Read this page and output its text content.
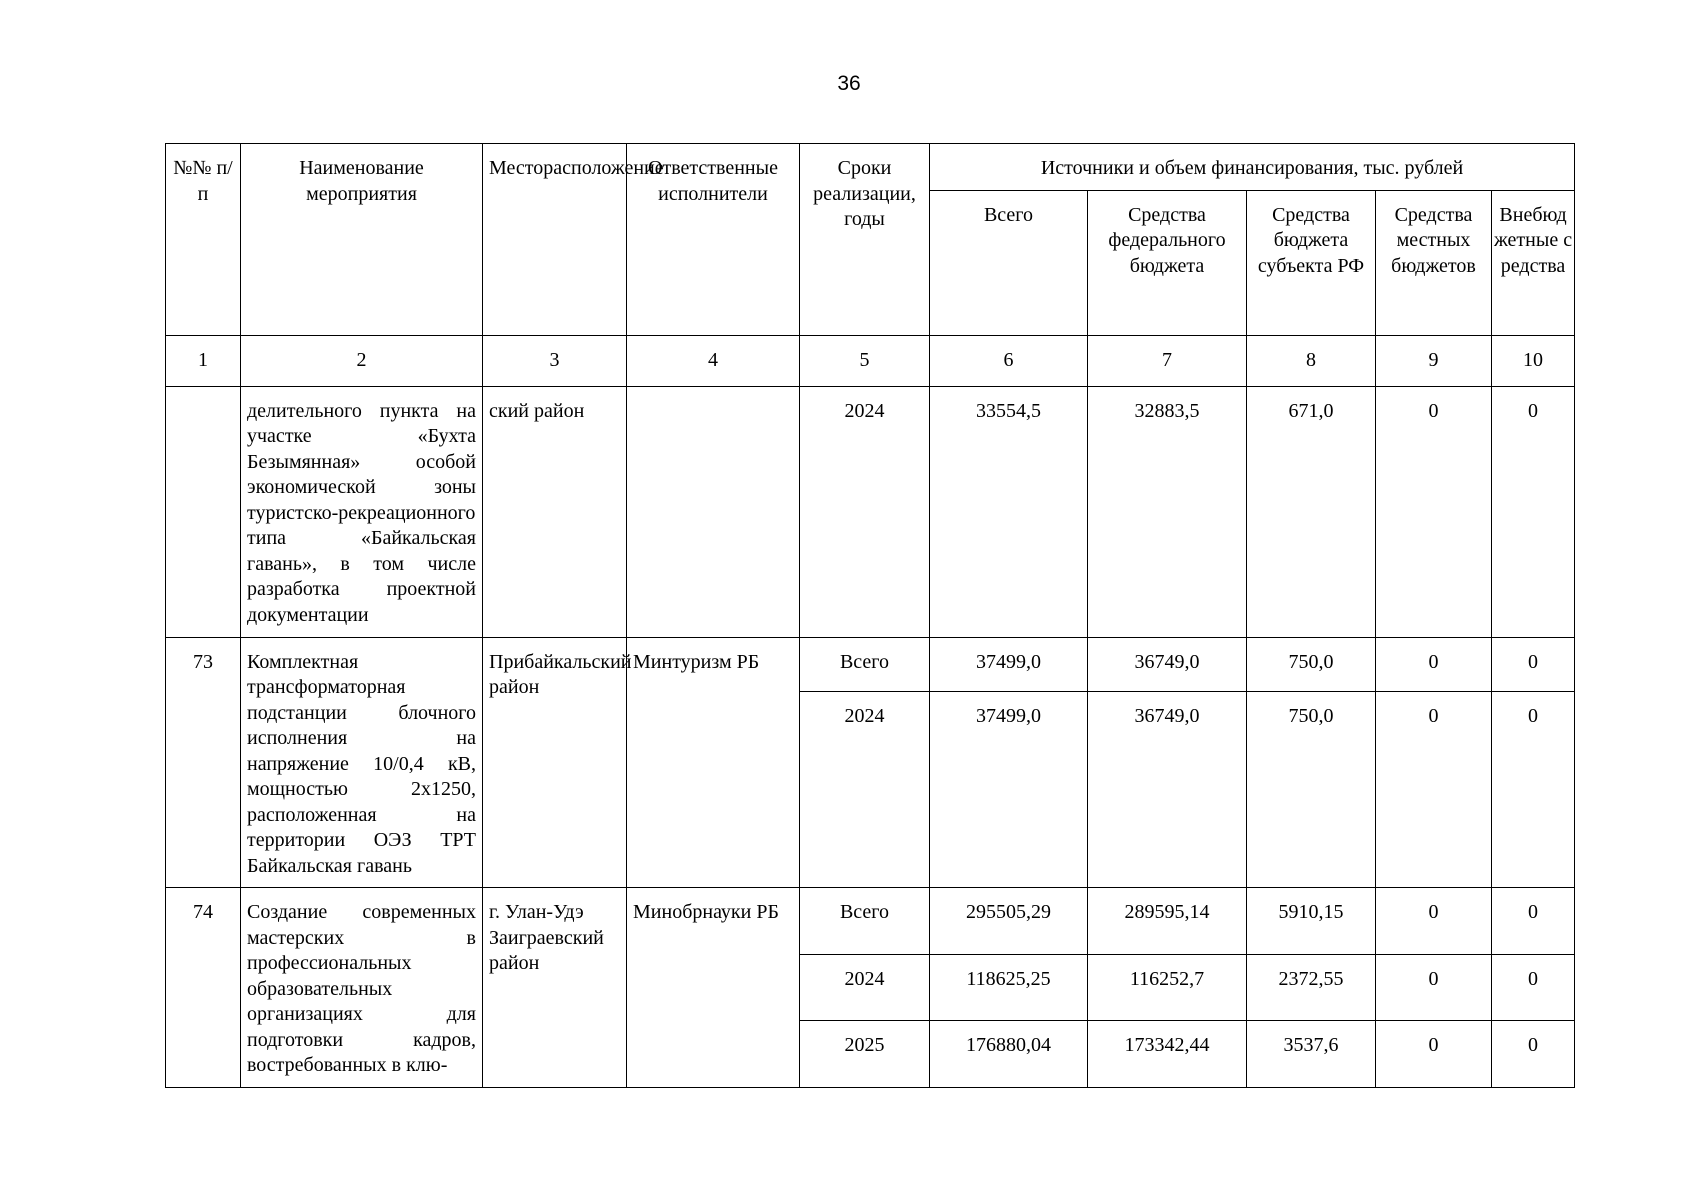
36
№№ п/п	Наименование мероприятия	Месторасположение	Ответственные исполнители	Сроки реализации, годы	Источники и объем финансирования, тыс. рублей				
					Всего	Средства федерального бюджета	Средства бюджета субъекта РФ	Средства местных бюджетов	Внебюджетные средства
1	2	3	4	5	6	7	8	9	10
	делительного пункта на участке «Бухта Безымянная» особой экономической зоны туристско-рекреационного типа «Байкальская гавань», в том числе разработка проектной документации	ский район		2024	33554,5	32883,5	671,0	0	0
73	Комплектная трансформаторная подстанции блочного исполнения на напряжение 10/0,4 кВ, мощностью 2х1250, расположенная на территории ОЭЗ ТРТ Байкальская гавань	Прибайкальский район	Минтуризм РБ	Всего	37499,0	36749,0	750,0	0	0
				2024	37499,0	36749,0	750,0	0	0
74	Создание современных мастерских в профессиональных образовательных организациях для подготовки кадров, востребованных в клю-	г. Улан-Удэ Заиграевский район	Минобрнауки РБ	Всего	295505,29	289595,14	5910,15	0	0
				2024	118625,25	116252,7	2372,55	0	0
				2025	176880,04	173342,44	3537,6	0	0
